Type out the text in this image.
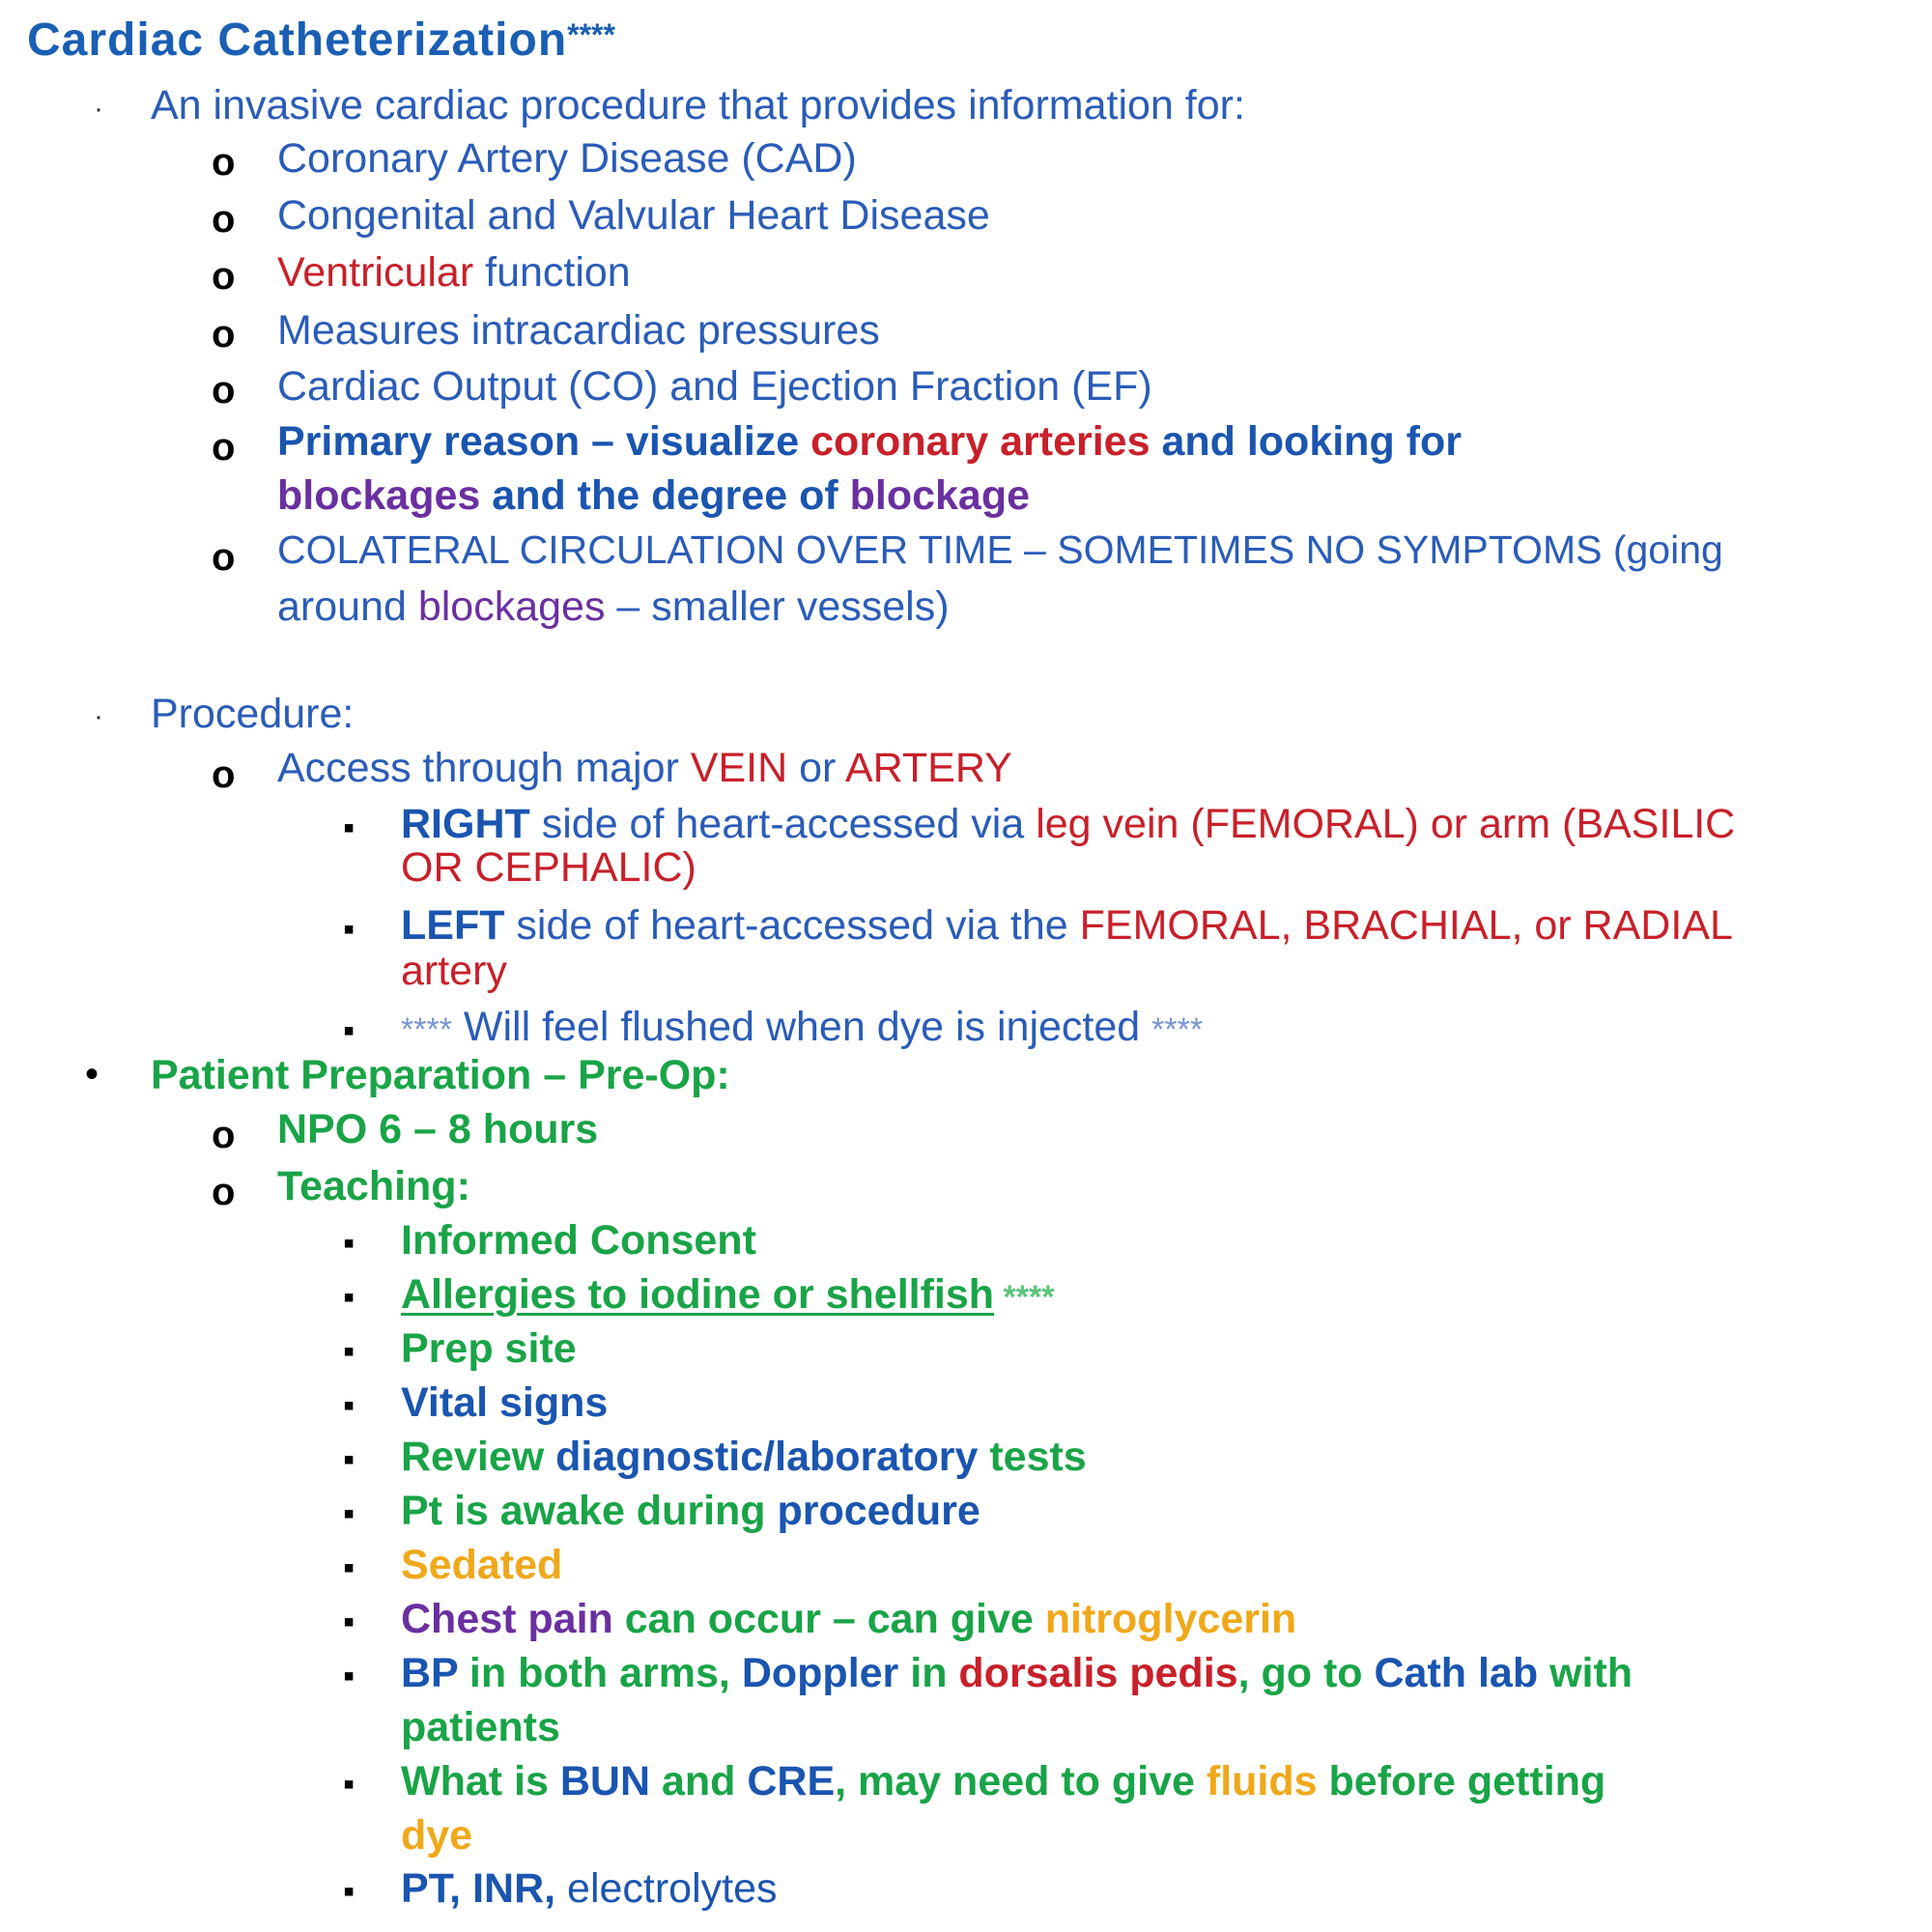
Cardiac Catheterization****
· An invasive cardiac procedure that provides information for:
o Coronary Artery Disease (CAD)
o Congenital and Valvular Heart Disease
o Ventricular function
o Measures intracardiac pressures
o Cardiac Output (CO) and Ejection Fraction (EF)
o Primary reason – visualize coronary arteries and looking for
blockages and the degree of blockage
o COLATERAL CIRCULATION OVER TIME – SOMETIMES NO SYMPTOMS (going
around blockages – smaller vessels)
· Procedure:
o Access through major VEIN or ARTERY
▪ RIGHT side of heart-accessed via leg vein (FEMORAL) or arm (BASILIC
OR CEPHALIC)
▪ LEFT side of heart-accessed via the FEMORAL, BRACHIAL, or RADIAL
artery
▪ **** Will feel flushed when dye is injected ****
• Patient Preparation – Pre-Op:
o NPO 6 – 8 hours
o Teaching:
▪ Informed Consent
▪ Allergies to iodine or shellfish ****
▪ Prep site
▪ Vital signs
▪ Review diagnostic/laboratory tests
▪ Pt is awake during procedure
▪ Sedated
▪ Chest pain can occur – can give nitroglycerin
▪ BP in both arms, Doppler in dorsalis pedis, go to Cath lab with
patients
▪ What is BUN and CRE, may need to give fluids before getting
dye
▪ PT, INR, electrolytes
